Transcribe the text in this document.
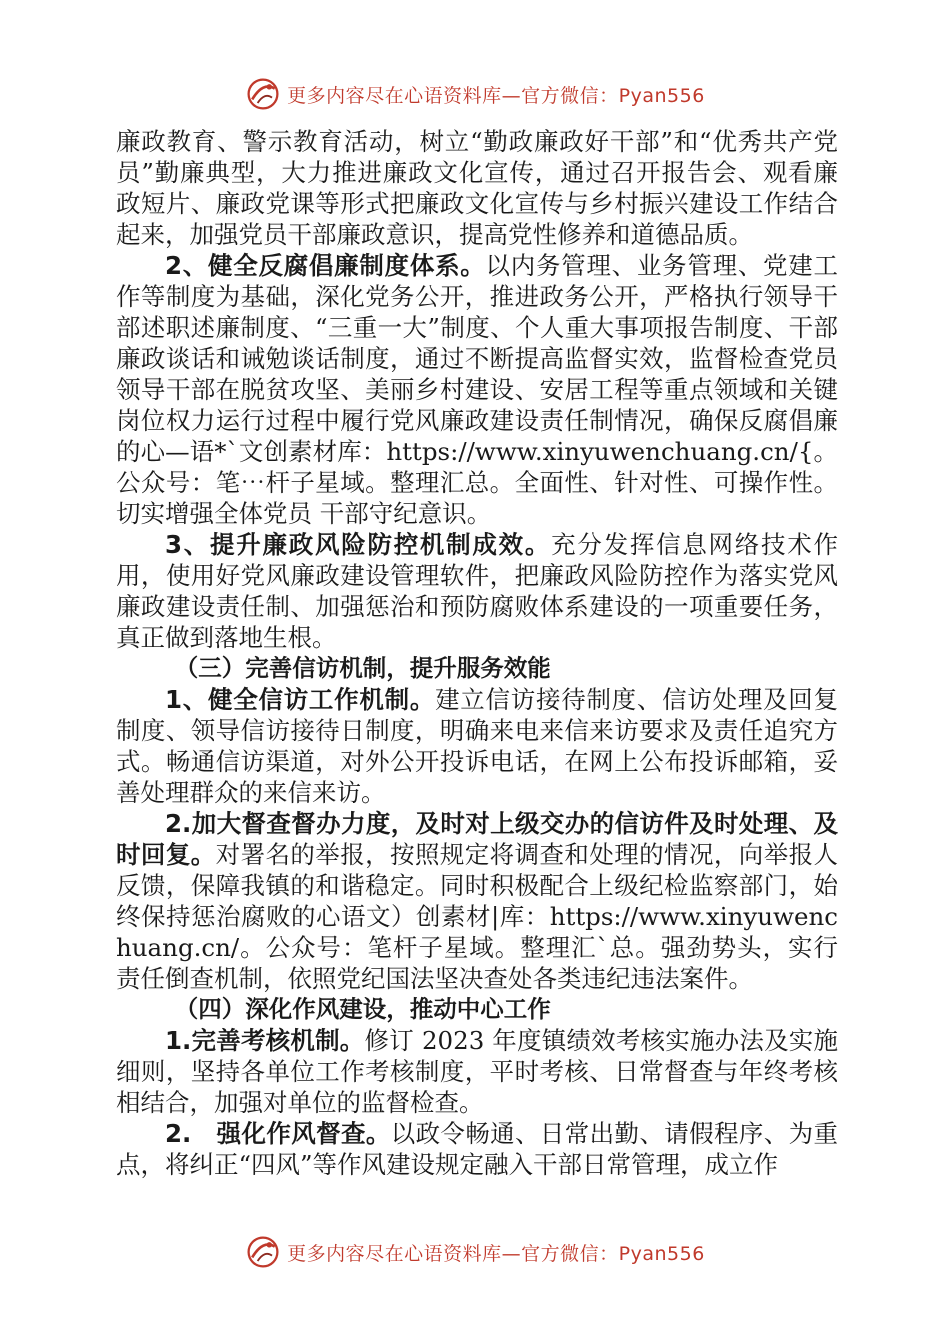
更多内容尽在心语资料库—官方微信：Pyan556

廉政教育、警示教育活动，树立“勤政廉政好干部”和“优秀共产党员”勤廉典型，大力推进廉政文化宣传，通过召开报告会、观看廉政短片、廉政党课等形式把廉政文化宣传与乡村振兴建设工作结合起来，加强党员干部廉政意识，提高党性修养和道德品质。

2、健全反腐倡廉制度体系。以内务管理、业务管理、党建工作等制度为基础，深化党务公开，推进政务公开，严格执行领导干部述职述廉制度、“三重一大”制度、个人重大事项报告制度、干部廉政谈话和诫勉谈话制度，通过不断提高监督实效，监督检查党员领导干部在脱贫攻坚、美丽乡村建设、安居工程等重点领域和关键岗位权力运行过程中履行党风廉政建设责任制情况，确保反腐倡廉的心—语*`文创素材库：https://www.xinyuwenchuang.cn/{。公众号：笔⋯杆子星域。整理汇总。全面性、针对性、可操作性。切实增强全体党员 干部守纪意识。

3、提升廉政风险防控机制成效。充分发挥信息网络技术作用，使用好党风廉政建设管理软件，把廉政风险防控作为落实党风廉政建设责任制、加强惩治和预防腐败体系建设的一项重要任务，真正做到落地生根。

（三）完善信访机制，提升服务效能

1、健全信访工作机制。建立信访接待制度、信访处理及回复制度、领导信访接待日制度，明确来电来信来访要求及责任追究方式。畅通信访渠道，对外公开投诉电话，在网上公布投诉邮箱，妥善处理群众的来信来访。

2.加大督查督办力度，及时对上级交办的信访件及时处理、及时回复。对署名的举报，按照规定将调查和处理的情况，向举报人反馈，保障我镇的和谐稳定。同时积极配合上级纪检监察部门，始终保持惩治腐败的心语文）创素材|库：https://www.xinyuwenchuang.cn/。公众号：笔杆子星域。整理汇`总。强劲势头，实行责任倒查机制，依照党纪国法坚决查处各类违纪违法案件。

（四）深化作风建设，推动中心工作

1.完善考核机制。修订 2023 年度镇绩效考核实施办法及实施细则，坚持各单位工作考核制度，平时考核、日常督查与年终考核相结合，加强对单位的监督检查。

2.　强化作风督查。以政令畅通、日常出勤、请假程序、为重点，将纠正“四风”等作风建设规定融入干部日常管理，成立作

更多内容尽在心语资料库—官方微信：Pyan556
